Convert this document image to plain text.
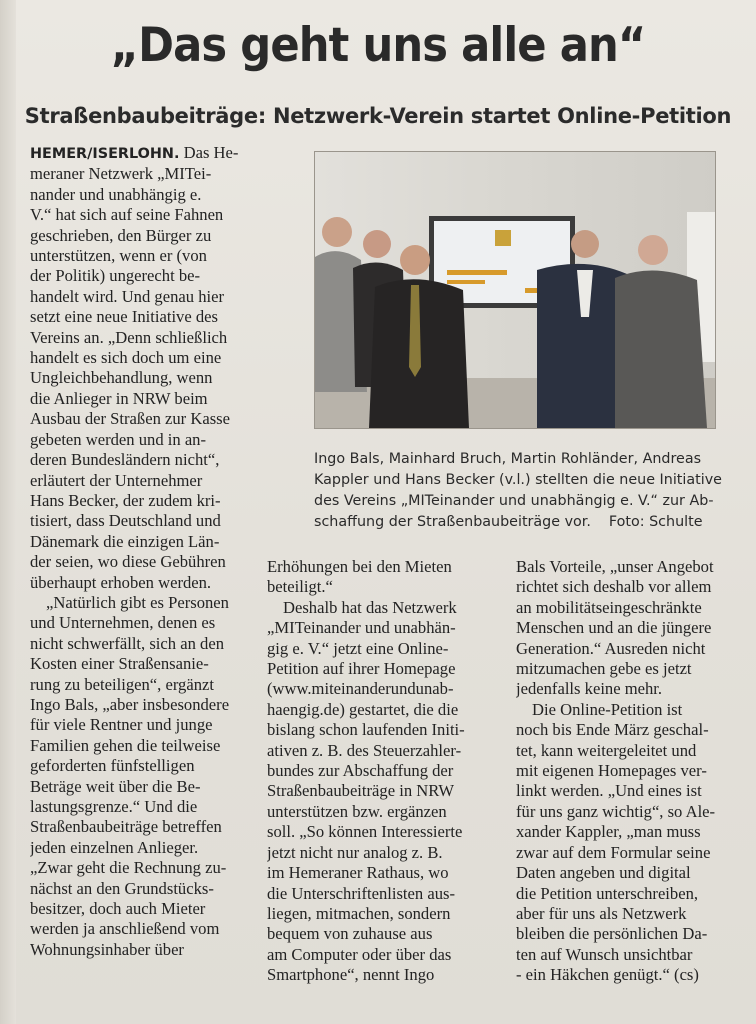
„Das geht uns alle an“
Straßenbaubeiträge: Netzwerk-Verein startet Online-Petition
HEMER/ISERLOHN. Das He-
meraner Netzwerk „MITei-
nander und unabhängig e.
V.“ hat sich auf seine Fahnen
geschrieben, den Bürger zu
unterstützen, wenn er (von
der Politik) ungerecht be-
handelt wird. Und genau hier
setzt eine neue Initiative des
Vereins an. „Denn schließlich
handelt es sich doch um eine
Ungleichbehandlung, wenn
die Anlieger in NRW beim
Ausbau der Straßen zur Kasse
gebeten werden und in an-
deren Bundesländern nicht“,
erläutert der Unternehmer
Hans Becker, der zudem kri-
tisiert, dass Deutschland und
Dänemark die einzigen Län-
der seien, wo diese Gebühren
überhaupt erhoben werden.
„Natürlich gibt es Personen
und Unternehmen, denen es
nicht schwerfällt, sich an den
Kosten einer Straßensanie-
rung zu beteiligen“, ergänzt
Ingo Bals, „aber insbesondere
für viele Rentner und junge
Familien gehen die teilweise
geforderten fünfstelligen
Beträge weit über die Be-
lastungsgrenze.“ Und die
Straßenbaubeiträge betreffen
jeden einzelnen Anlieger.
„Zwar geht die Rechnung zu-
nächst an den Grundstücks-
besitzer, doch auch Mieter
werden ja anschließend vom
Wohnungsinhaber über
Ingo Bals, Mainhard Bruch, Martin Rohländer, Andreas
Kappler und Hans Becker (v.l.) stellten die neue Initiative
des Vereins „MITeinander und unabhängig e. V.“ zur Ab-
schaffung der Straßenbaubeiträge vor. Foto: Schulte
Erhöhungen bei den Mieten
beteiligt.“
Deshalb hat das Netzwerk
„MITeinander und unabhän-
gig e. V.“ jetzt eine Online-
Petition auf ihrer Homepage
(www.miteinanderundunab-
haengig.de) gestartet, die die
bislang schon laufenden Initi-
ativen z. B. des Steuerzahler-
bundes zur Abschaffung der
Straßenbaubeiträge in NRW
unterstützen bzw. ergänzen
soll. „So können Interessierte
jetzt nicht nur analog z. B.
im Hemeraner Rathaus, wo
die Unterschriftenlisten aus-
liegen, mitmachen, sondern
bequem von zuhause aus
am Computer oder über das
Smartphone“, nennt Ingo
Bals Vorteile, „unser Angebot
richtet sich deshalb vor allem
an mobilitätseingeschränkte
Menschen und an die jüngere
Generation.“ Ausreden nicht
mitzumachen gebe es jetzt
jedenfalls keine mehr.
Die Online-Petition ist
noch bis Ende März geschal-
tet, kann weitergeleitet und
mit eigenen Homepages ver-
linkt werden. „Und eines ist
für uns ganz wichtig“, so Ale-
xander Kappler, „man muss
zwar auf dem Formular seine
Daten angeben und digital
die Petition unterschreiben,
aber für uns als Netzwerk
bleiben die persönlichen Da-
ten auf Wunsch unsichtbar
- ein Häkchen genügt.“ (cs)
